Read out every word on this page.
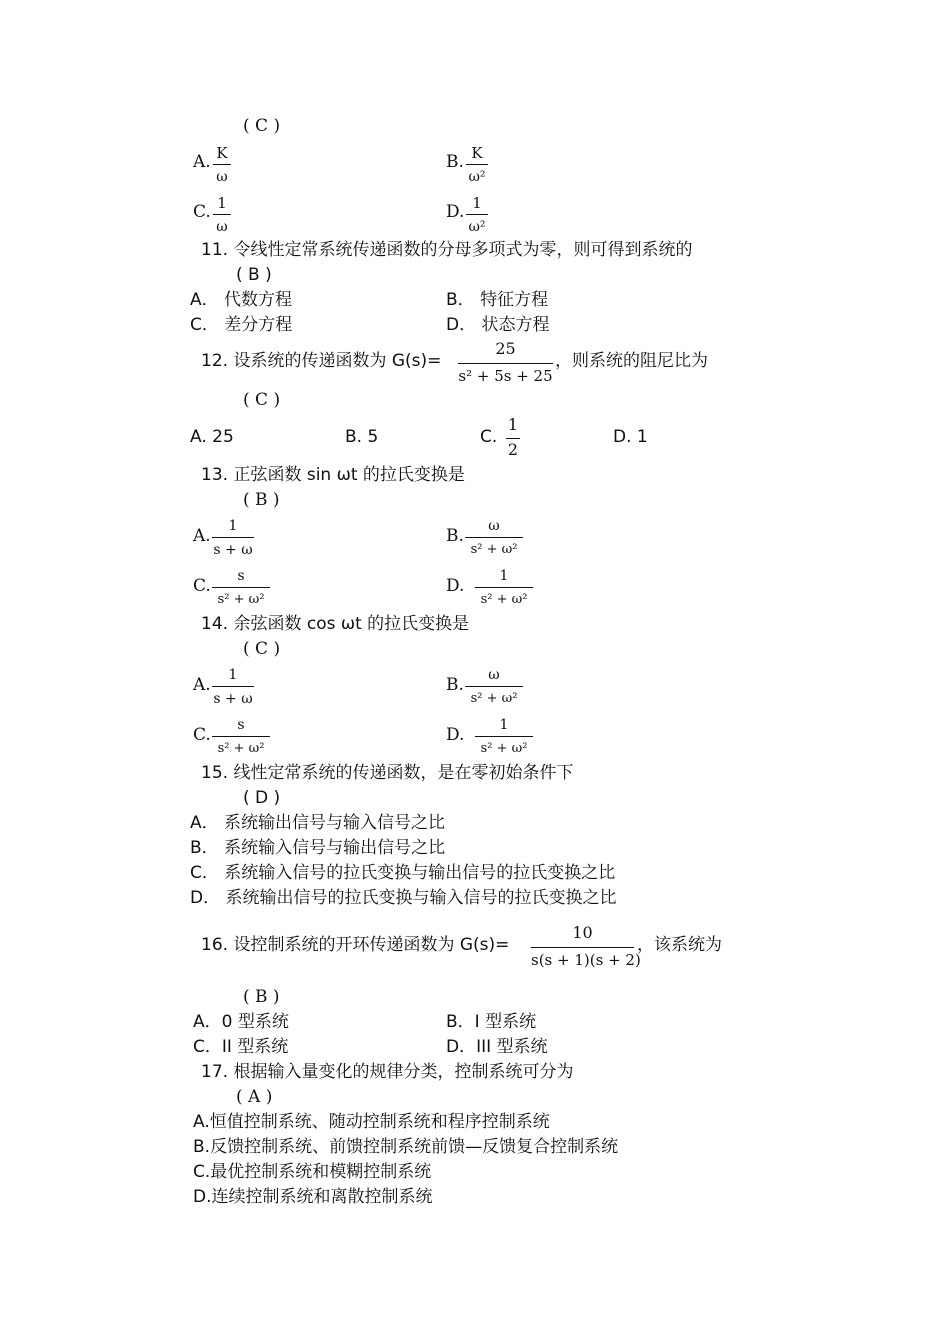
( C )
A. K
ω
B. K
ω²
C. 1
ω
D. 1
ω²
11. 令线性定常系统传递函数的分母多项式为零，则可得到系统的
( B )
A． 代数方程	B． 特征方程
C． 差分方程	D． 状态方程
12. 设系统的传递函数为 G(s)=
25
s² + 5s + 25
，则系统的阻尼比为
( C )
A. 25	B. 5	C.
1
2
D. 1
13. 正弦函数 sin ωt 的拉氏变换是
( B )
A.	1
s + ω
B.	ω
s² + ω²
C.	s
s² + ω²
D.	1
s² + ω²
14. 余弦函数 cos ωt 的拉氏变换是
( C )
A.	1
s + ω
B.	ω
s² + ω²
C.	s
s² + ω²
D.	1
s² + ω²
15. 线性定常系统的传递函数，是在零初始条件下
( D )
A． 系统输出信号与输入信号之比
B． 系统输入信号与输出信号之比
C． 系统输入信号的拉氏变换与输出信号的拉氏变换之比
D． 系统输出信号的拉氏变换与输入信号的拉氏变换之比
16. 设控制系统的开环传递函数为 G(s)=
10
s(s + 1)(s + 2)
，该系统为
( B )
A．0 型系统	B．I 型系统
C．II 型系统	D．III 型系统
17. 根据输入量变化的规律分类，控制系统可分为
( A )
A.恒值控制系统、随动控制系统和程序控制系统
B.反馈控制系统、前馈控制系统前馈—反馈复合控制系统
C.最优控制系统和模糊控制系统
D.连续控制系统和离散控制系统
